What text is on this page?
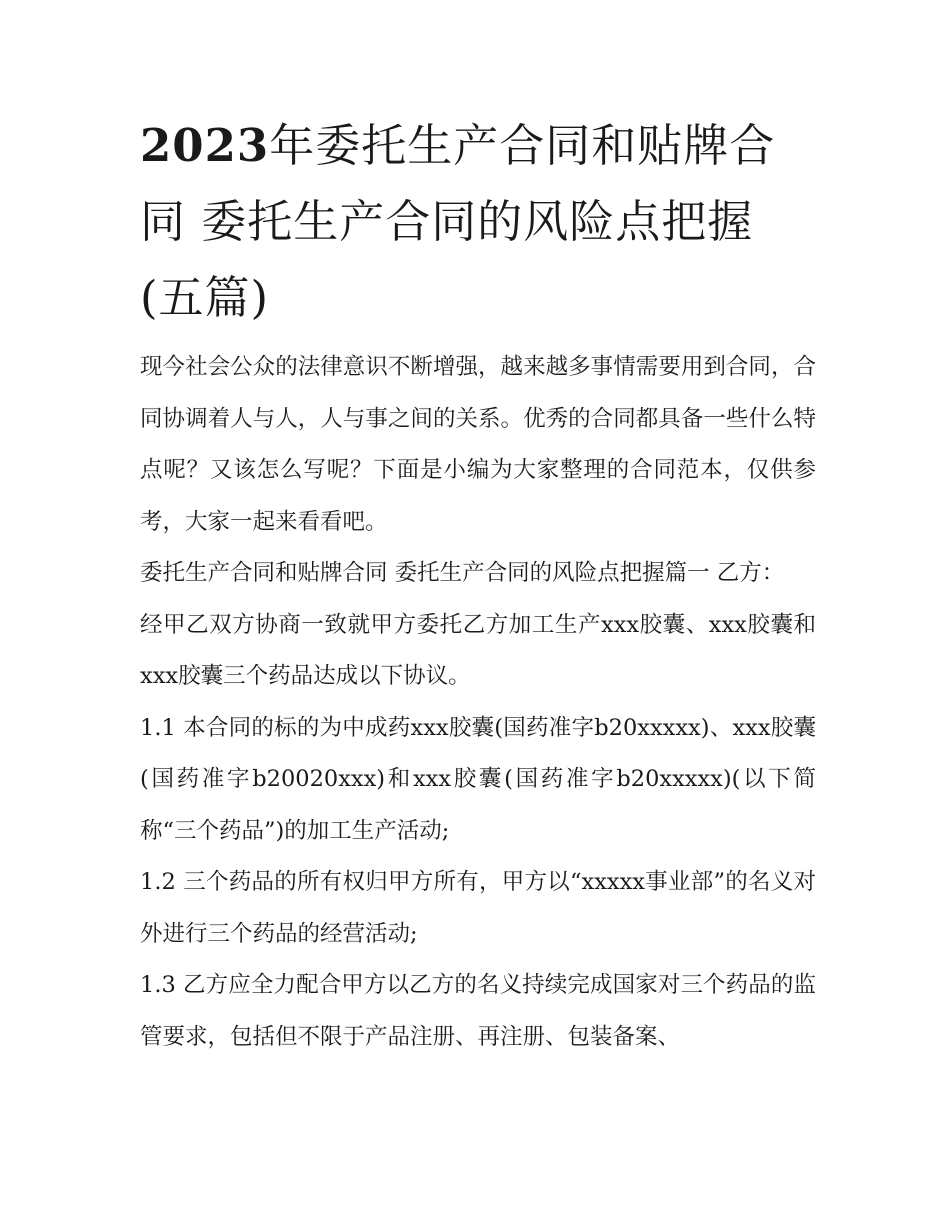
2023年委托生产合同和贴牌合同 委托生产合同的风险点把握(五篇)

现今社会公众的法律意识不断增强，越来越多事情需要用到合同，合同协调着人与人，人与事之间的关系。优秀的合同都具备一些什么特点呢？又该怎么写呢？下面是小编为大家整理的合同范本，仅供参考，大家一起来看看吧。

委托生产合同和贴牌合同 委托生产合同的风险点把握篇一 乙方：

经甲乙双方协商一致就甲方委托乙方加工生产xxx胶囊、xxx胶囊和xxx胶囊三个药品达成以下协议。

1.1 本合同的标的为中成药xxx胶囊(国药准字b20xxxxx)、xxx胶囊(国药准字b20020xxx)和xxx胶囊(国药准字b20xxxxx)(以下简称“三个药品”)的加工生产活动;

1.2 三个药品的所有权归甲方所有，甲方以“xxxxx事业部”的名义对外进行三个药品的经营活动;

1.3 乙方应全力配合甲方以乙方的名义持续完成国家对三个药品的监管要求，包括但不限于产品注册、再注册、包装备案、
